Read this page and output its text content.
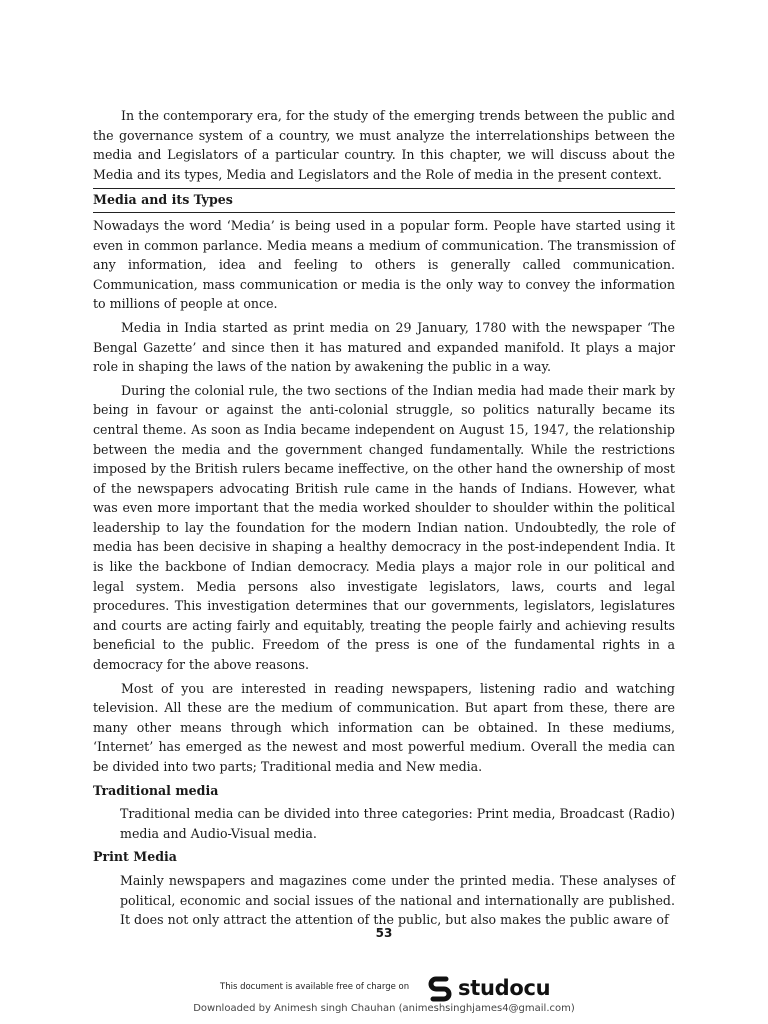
In the contemporary era, for the study of the emerging trends between the public and the governance system of a country, we must analyze the interrelationships between the media and Legislators of a particular country. In this chapter, we will discuss about the Media and its types, Media and Legislators and the Role of media in the present context.

Media and its Types

Nowadays the word ‘Media’ is being used in a popular form. People have started using it even in common parlance. Media means a medium of communication. The transmission of any information, idea and feeling to others is generally called communication. Communication, mass communication or media is the only way to convey the information to millions of people at once.

Media in India started as print media on 29 January, 1780 with the newspaper ‘The Bengal Gazette’ and since then it has matured and expanded manifold. It plays a major role in shaping the laws of the nation by awakening the public in a way.

During the colonial rule, the two sections of the Indian media had made their mark by being in favour or against the anti-colonial struggle, so politics naturally became its central theme. As soon as India became independent on August 15, 1947, the relationship between the media and the government changed fundamentally. While the restrictions imposed by the British rulers became ineffective, on the other hand the ownership of most of the newspapers advocating British rule came in the hands of Indians. However, what was even more important that the media worked shoulder to shoulder within the political leadership to lay the foundation for the modern Indian nation. Undoubtedly, the role of media has been decisive in shaping a healthy democracy in the post-independent India. It is like the backbone of Indian democracy. Media plays a major role in our political and legal system. Media persons also investigate legislators, laws, courts and legal procedures. This investigation determines that our governments, legislators, legislatures and courts are acting fairly and equitably, treating the people fairly and achieving results beneficial to the public. Freedom of the press is one of the fundamental rights in a democracy for the above reasons.

Most of you are interested in reading newspapers, listening radio and watching television. All these are the medium of communication. But apart from these, there are many other means through which information can be obtained. In these mediums, ‘Internet’ has emerged as the newest and most powerful medium. Overall the media can be divided into two parts; Traditional media and New media.

Traditional media

Traditional media can be divided into three categories: Print media, Broadcast (Radio) media and Audio-Visual media.

Print Media

Mainly newspapers and magazines come under the printed media. These analyses of political, economic and social issues of the national and internationally are published. It does not only attract the attention of the public, but also makes the public aware of

53
This document is available free of charge on studocu
Downloaded by Animesh singh Chauhan (animeshsinghjames4@gmail.com)
